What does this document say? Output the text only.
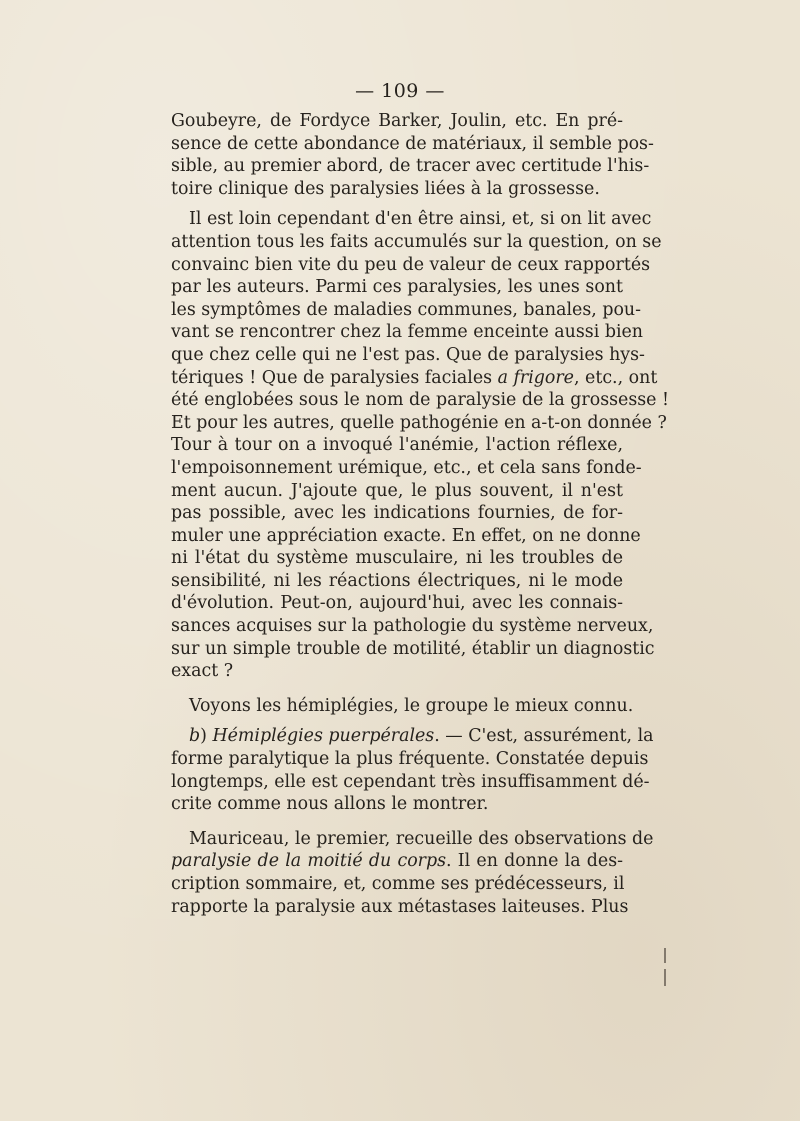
— 109 —
Goubeyre, de Fordyce Barker, Joulin, etc. En pré-
sence de cette abondance de matériaux, il semble pos-
sible, au premier abord, de tracer avec certitude l'his-
toire clinique des paralysies liées à la grossesse.
Il est loin cependant d'en être ainsi, et, si on lit avec
attention tous les faits accumulés sur la question, on se
convainc bien vite du peu de valeur de ceux rapportés
par les auteurs. Parmi ces paralysies, les unes sont
les symptômes de maladies communes, banales, pou-
vant se rencontrer chez la femme enceinte aussi bien
que chez celle qui ne l'est pas. Que de paralysies hys-
tériques ! Que de paralysies faciales a frigore, etc., ont
été englobées sous le nom de paralysie de la grossesse !
Et pour les autres, quelle pathogénie en a-t-on donnée ?
Tour à tour on a invoqué l'anémie, l'action réflexe,
l'empoisonnement urémique, etc., et cela sans fonde-
ment aucun. J'ajoute que, le plus souvent, il n'est
pas possible, avec les indications fournies, de for-
muler une appréciation exacte. En effet, on ne donne
ni l'état du système musculaire, ni les troubles de
sensibilité, ni les réactions électriques, ni le mode
d'évolution. Peut-on, aujourd'hui, avec les connais-
sances acquises sur la pathologie du système nerveux,
sur un simple trouble de motilité, établir un diagnostic
exact ?
Voyons les hémiplégies, le groupe le mieux connu.
b) Hémiplégies puerpérales. — C'est, assurément, la
forme paralytique la plus fréquente. Constatée depuis
longtemps, elle est cependant très insuffisamment dé-
crite comme nous allons le montrer.
Mauriceau, le premier, recueille des observations de
paralysie de la moitié du corps. Il en donne la des-
cription sommaire, et, comme ses prédécesseurs, il
rapporte la paralysie aux métastases laiteuses. Plus
